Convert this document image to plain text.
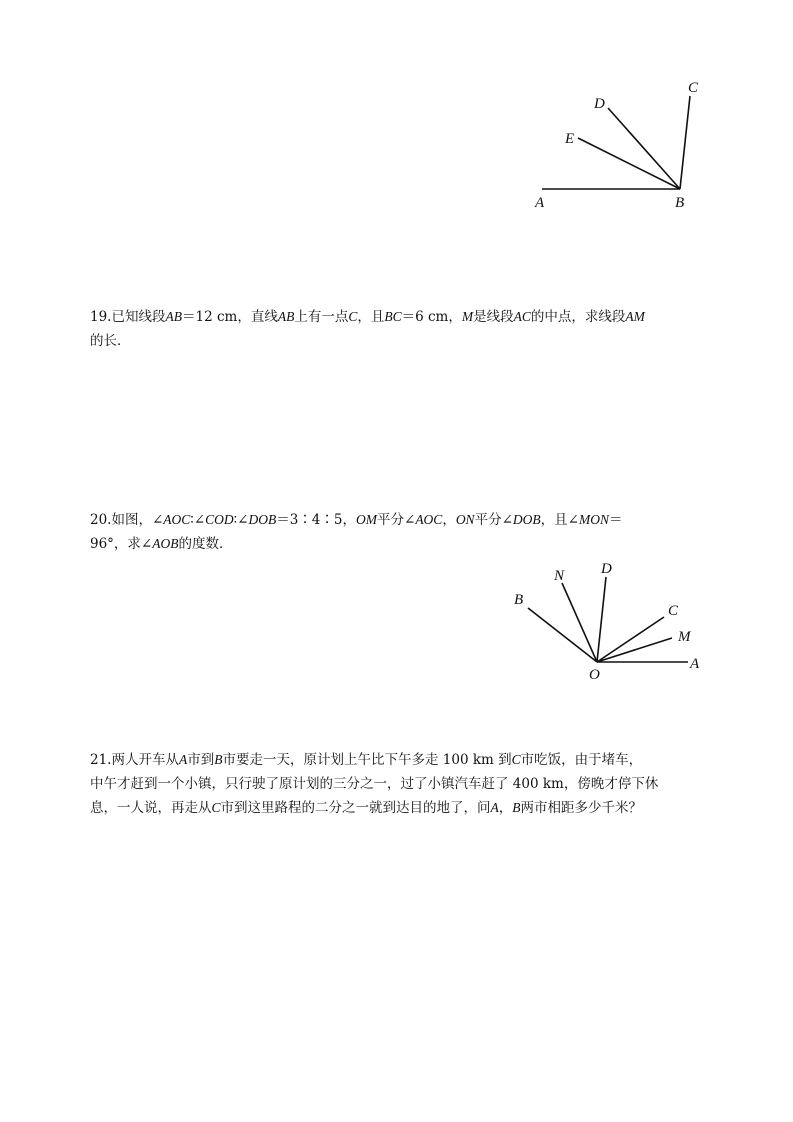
A	B
C
D
E

19.已知线段AB＝12 cm，直线AB上有一点C，且BC＝6 cm，M是线段AC的中点，求线段AM

的长．

20.如图，∠AOC∶∠COD∶∠DOB＝3∶4∶5，OM平分∠AOC，ON平分∠DOB，且∠MON＝

96°，求∠AOB的度数．

O
A
M
C
D
N
B

21.两人开车从A市到B市要走一天，原计划上午比下午多走 100 km 到C市吃饭，由于堵车，

中午才赶到一个小镇，只行驶了原计划的三分之一，过了小镇汽车赶了 400 km，傍晚才停下休

息，一人说，再走从C市到这里路程的二分之一就到达目的地了，问A，B两市相距多少千米？
